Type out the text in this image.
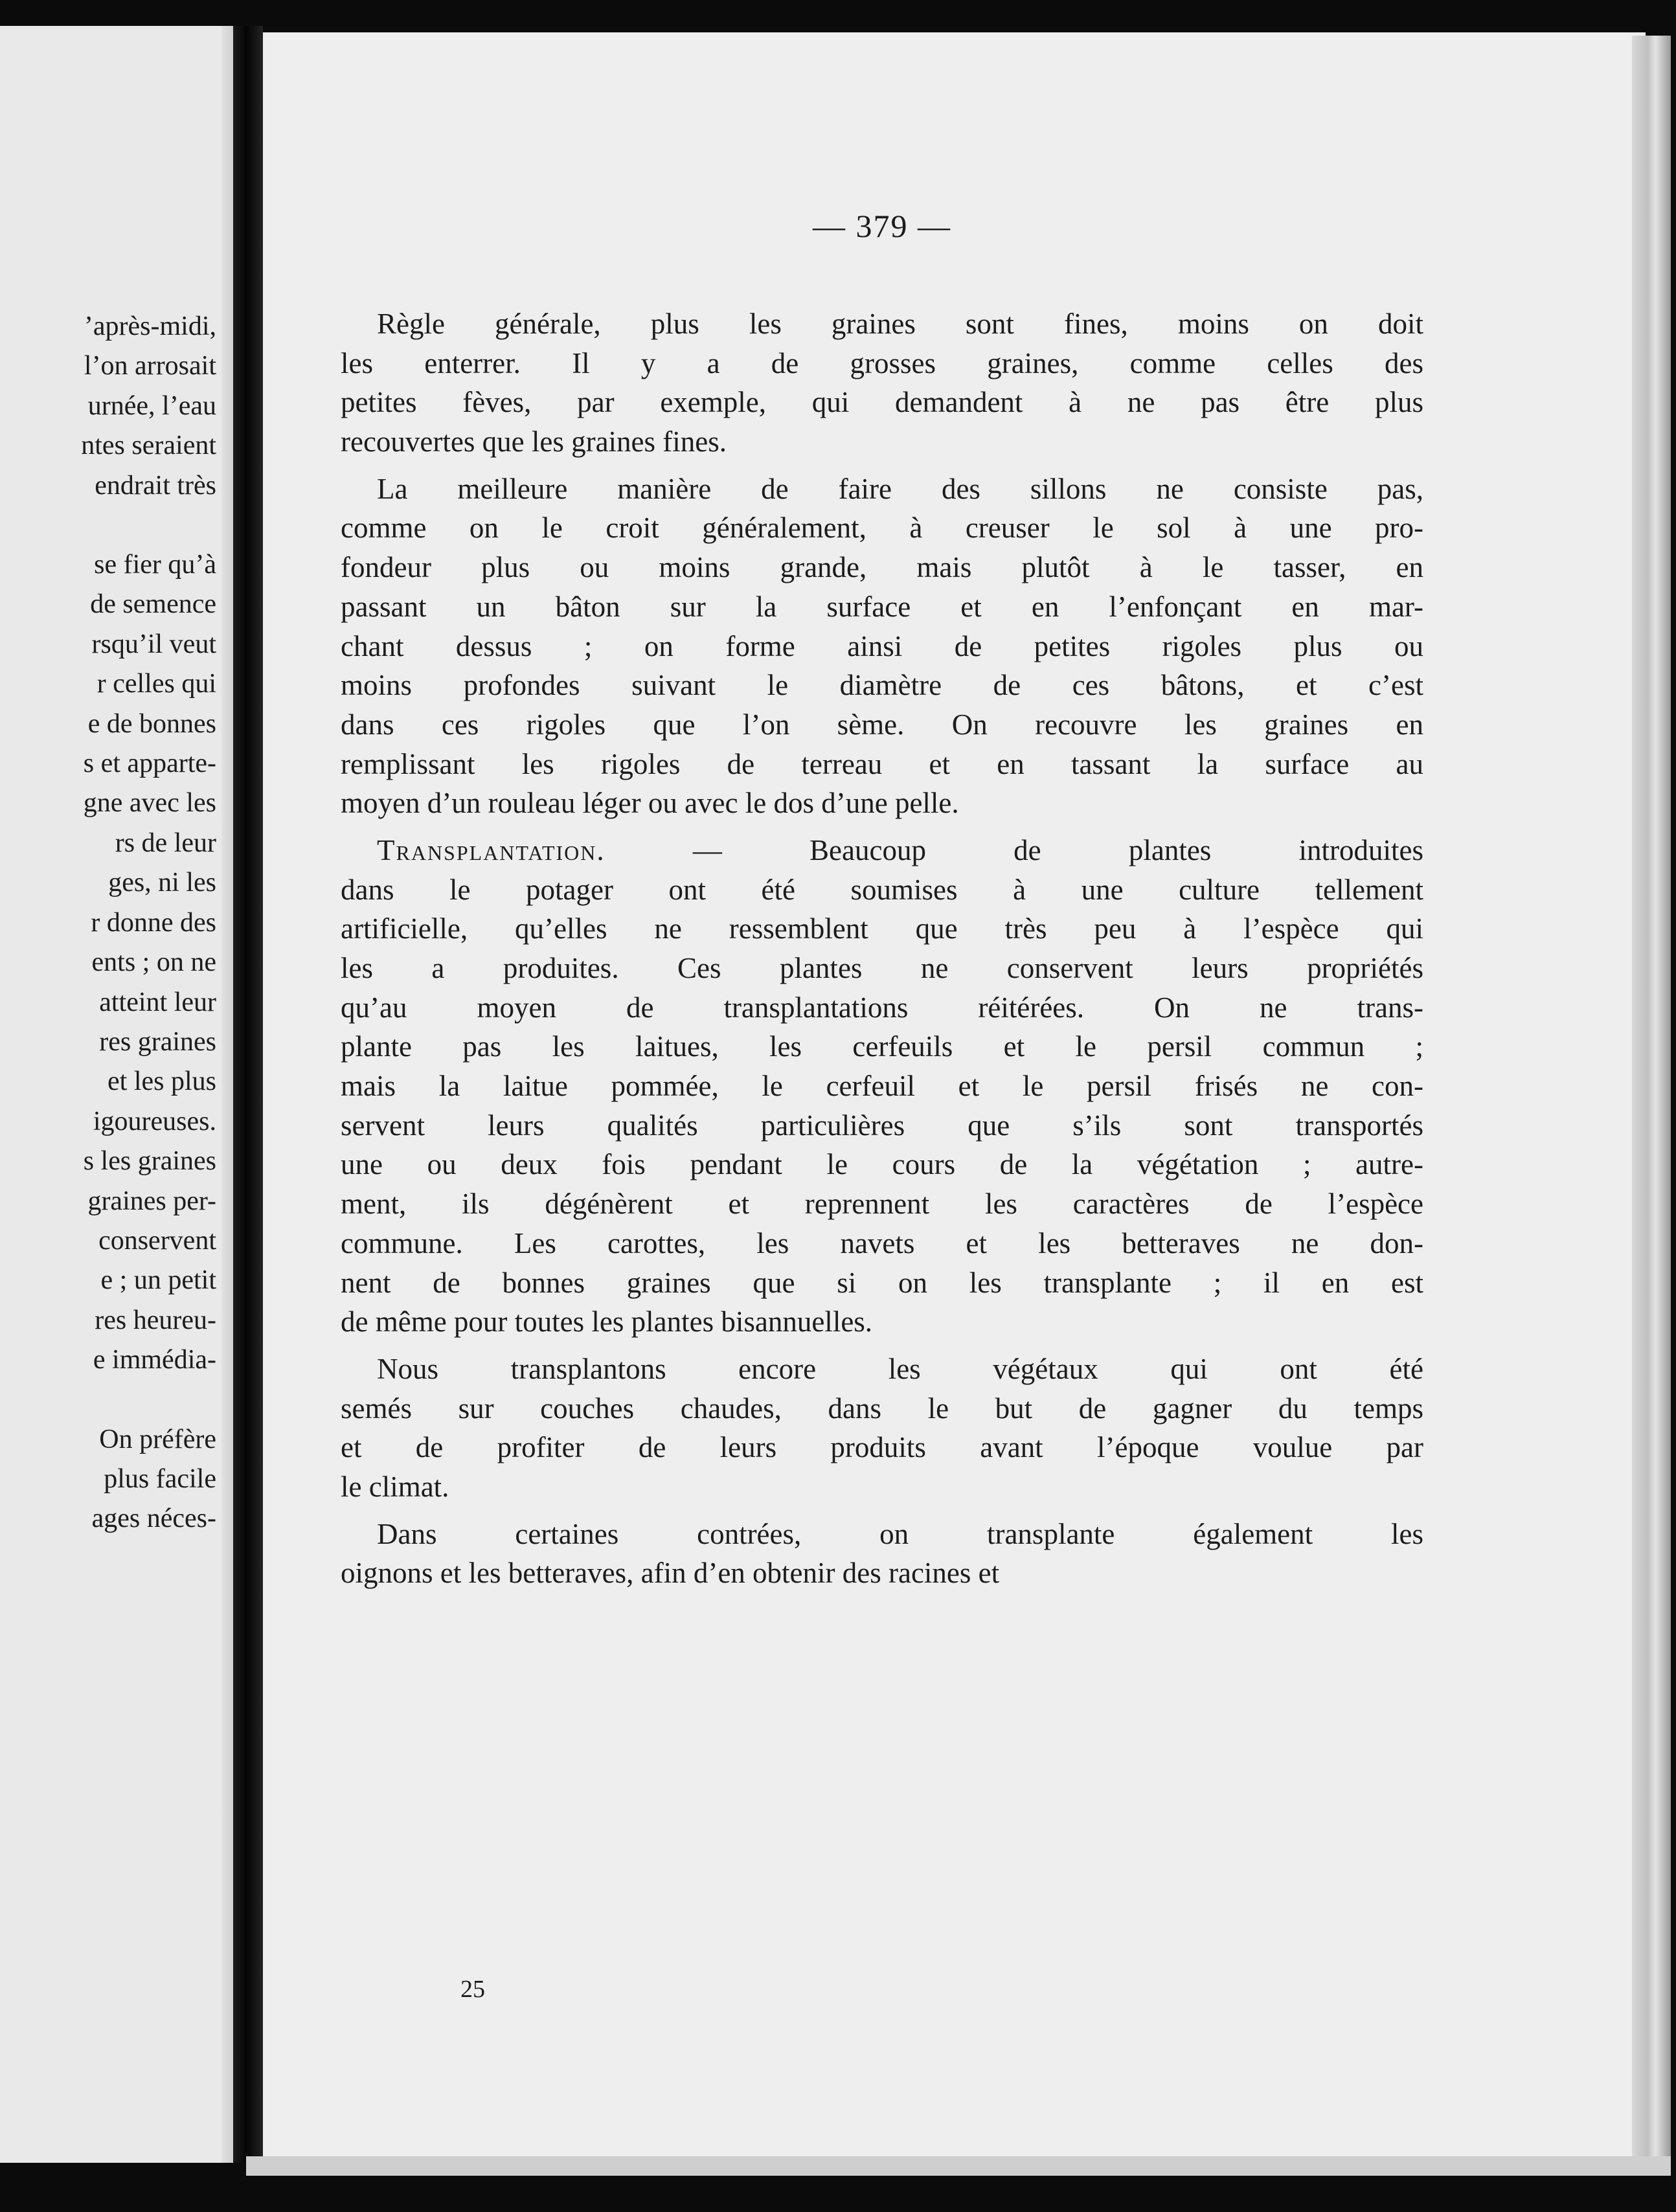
’après-midi,
l’on arrosait
urnée, l’eau
ntes seraient
endrait très
se fier qu’à
de semence
rsqu’il veut
r celles qui
e de bonnes
s et apparte-
gne avec les
rs de leur
ges, ni les
r donne des
ents ; on ne
atteint leur
res graines
et les plus
igoureuses.
s les graines
graines per-
conservent
e ; un petit
res heureu-
e immédia-
On préfère
plus facile
ages néces-
— 379 —
Règle générale, plus les graines sont fines, moins on doit
les enterrer. Il y a de grosses graines, comme celles des
petites fèves, par exemple, qui demandent à ne pas être plus
recouvertes que les graines fines.
La meilleure manière de faire des sillons ne consiste pas,
comme on le croit généralement, à creuser le sol à une pro-
fondeur plus ou moins grande, mais plutôt à le tasser, en
passant un bâton sur la surface et en l’enfonçant en mar-
chant dessus ; on forme ainsi de petites rigoles plus ou
moins profondes suivant le diamètre de ces bâtons, et c’est
dans ces rigoles que l’on sème. On recouvre les graines en
remplissant les rigoles de terreau et en tassant la surface au
moyen d’un rouleau léger ou avec le dos d’une pelle.
Transplantation.	— Beaucoup de plantes introduites
dans le potager ont été soumises à une culture tellement
artificielle, qu’elles ne ressemblent que très peu à l’espèce qui
les a produites. Ces plantes ne conservent leurs propriétés
qu’au moyen de transplantations réitérées. On ne trans-
plante pas les laitues, les cerfeuils et le persil commun ;
mais la laitue pommée, le cerfeuil et le persil frisés ne con-
servent leurs qualités particulières que s’ils sont transportés
une ou deux fois pendant le cours de la végétation ; autre-
ment, ils dégénèrent et reprennent les caractères de l’espèce
commune. Les carottes, les navets et les betteraves ne don-
nent de bonnes graines que si on les transplante ; il en est
de même pour toutes les plantes bisannuelles.
Nous transplantons encore les végétaux qui ont été
semés sur couches chaudes, dans le but de gagner du temps
et de profiter de leurs produits avant l’époque voulue par
le climat.
Dans certaines contrées, on transplante également les
oignons et les betteraves, afin d’en obtenir des racines et
25
